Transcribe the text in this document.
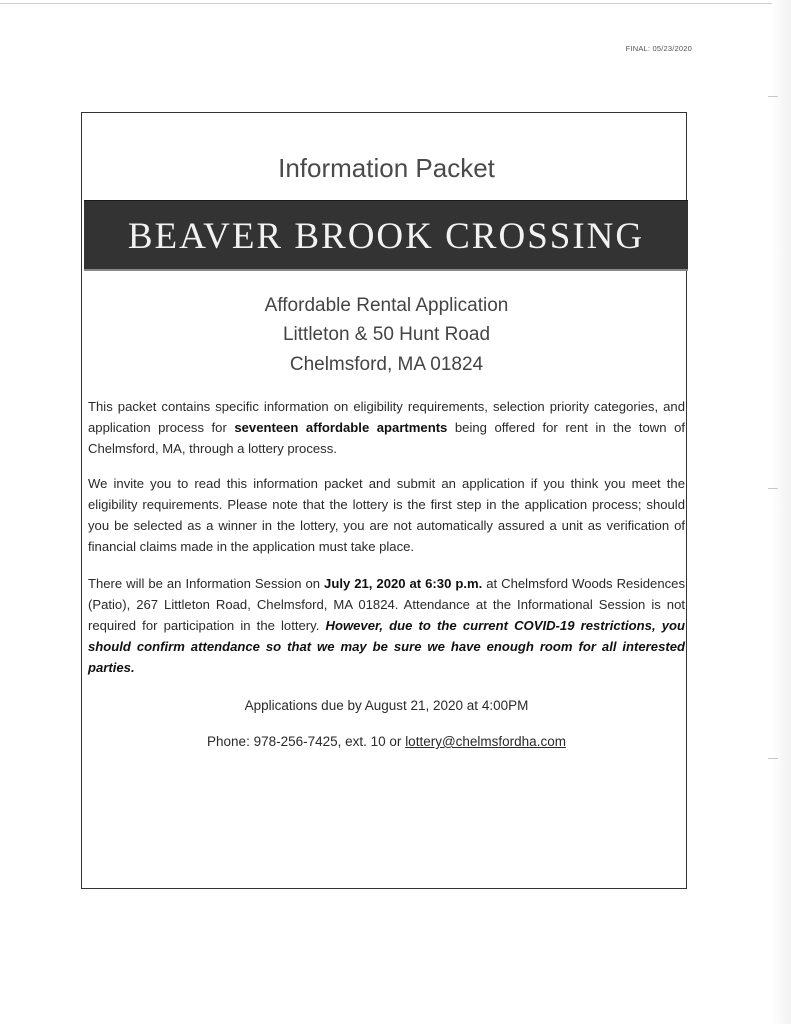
FINAL: 05/23/2020
Information Packet
BEAVER BROOK CROSSING
Affordable Rental Application
Littleton & 50 Hunt Road
Chelmsford, MA 01824

This packet contains specific information on eligibility requirements, selection priority categories, and application process for seventeen affordable apartments being offered for rent in the town of Chelmsford, MA, through a lottery process.

We invite you to read this information packet and submit an application if you think you meet the eligibility requirements. Please note that the lottery is the first step in the application process; should you be selected as a winner in the lottery, you are not automatically assured a unit as verification of financial claims made in the application must take place.

There will be an Information Session on July 21, 2020 at 6:30 p.m. at Chelmsford Woods Residences (Patio), 267 Littleton Road, Chelmsford, MA 01824. Attendance at the Informational Session is not required for participation in the lottery. However, due to the current COVID-19 restrictions, you should confirm attendance so that we may be sure we have enough room for all interested parties.

Applications due by August 21, 2020 at 4:00PM
Phone: 978-256-7425, ext. 10 or lottery@chelmsfordha.com
